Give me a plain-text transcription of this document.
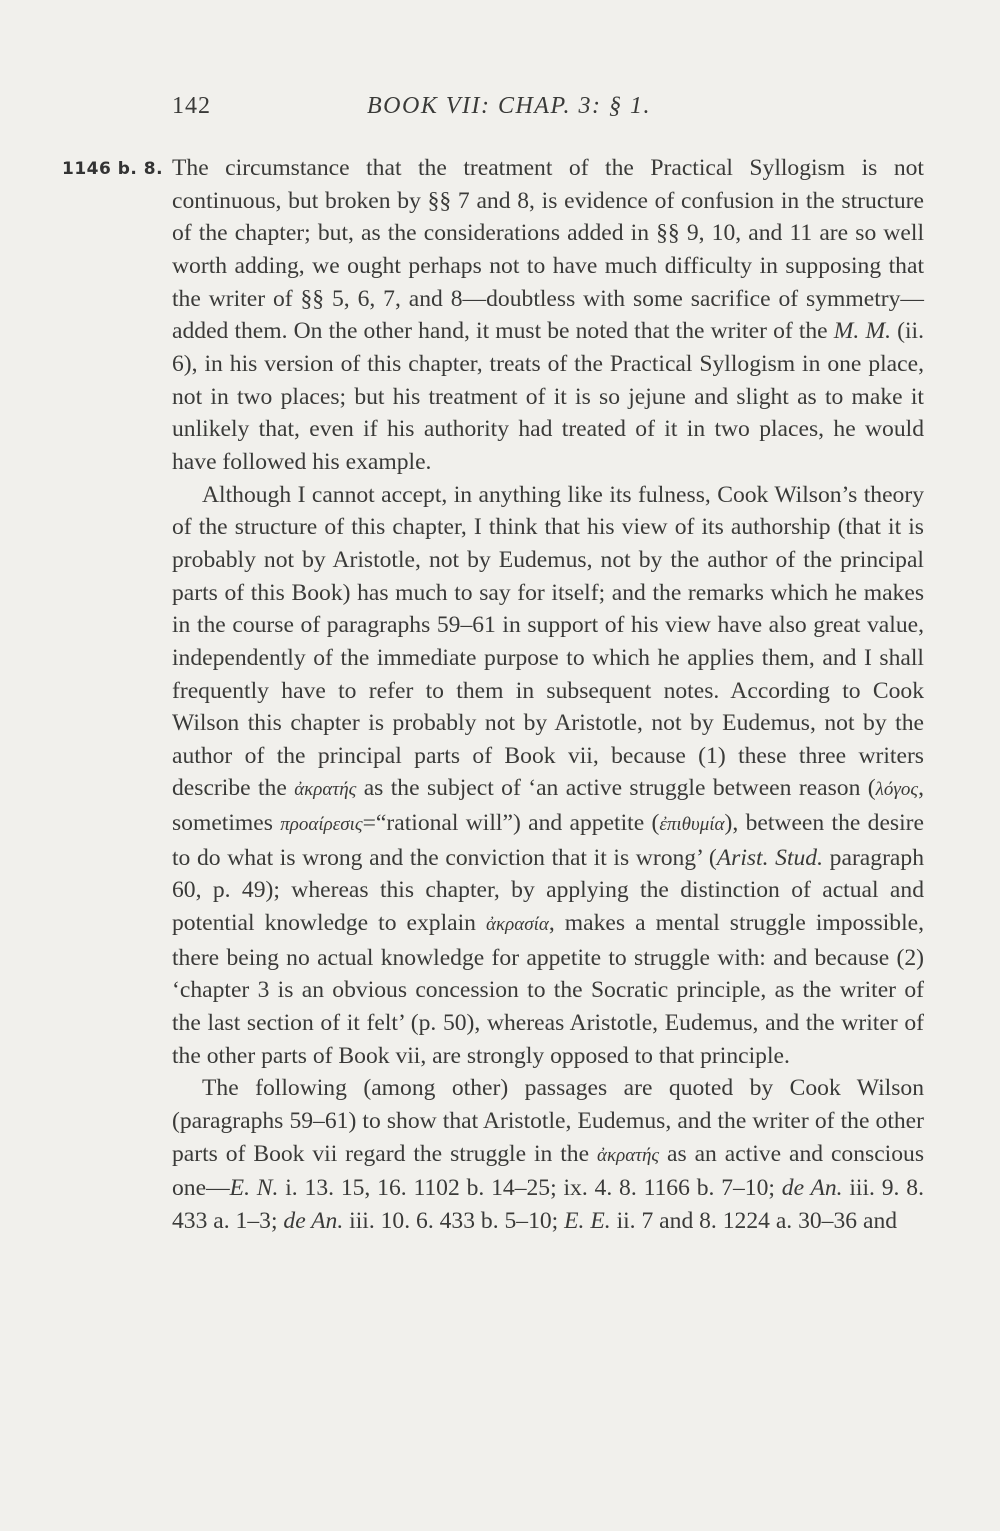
142	BOOK VII: CHAP. 3: § 1.
1146 b. 8. The circumstance that the treatment of the Practical Syllogism is not continuous, but broken by §§ 7 and 8, is evidence of confusion in the structure of the chapter; but, as the considerations added in §§ 9, 10, and 11 are so well worth adding, we ought perhaps not to have much difficulty in supposing that the writer of §§ 5, 6, 7, and 8—doubtless with some sacrifice of symmetry—added them. On the other hand, it must be noted that the writer of the M. M. (ii. 6), in his version of this chapter, treats of the Practical Syllogism in one place, not in two places; but his treatment of it is so jejune and slight as to make it unlikely that, even if his authority had treated of it in two places, he would have followed his example.

Although I cannot accept, in anything like its fulness, Cook Wilson’s theory of the structure of this chapter, I think that his view of its authorship (that it is probably not by Aristotle, not by Eudemus, not by the author of the principal parts of this Book) has much to say for itself; and the remarks which he makes in the course of paragraphs 59–61 in support of his view have also great value, independently of the immediate purpose to which he applies them, and I shall frequently have to refer to them in subsequent notes. According to Cook Wilson this chapter is probably not by Aristotle, not by Eudemus, not by the author of the principal parts of Book vii, because (1) these three writers describe the ἀκρατής as the subject of ‘an active struggle between reason (λόγος, sometimes προαίρεσις=“rational will”) and appetite (ἐπιθυμία), between the desire to do what is wrong and the conviction that it is wrong’ (Arist. Stud. paragraph 60, p. 49); whereas this chapter, by applying the distinction of actual and potential knowledge to explain ἀκρασία, makes a mental struggle impossible, there being no actual knowledge for appetite to struggle with: and because (2) ‘chapter 3 is an obvious concession to the Socratic principle, as the writer of the last section of it felt’ (p. 50), whereas Aristotle, Eudemus, and the writer of the other parts of Book vii, are strongly opposed to that principle.

The following (among other) passages are quoted by Cook Wilson (paragraphs 59–61) to show that Aristotle, Eudemus, and the writer of the other parts of Book vii regard the struggle in the ἀκρατής as an active and conscious one—E. N. i. 13. 15, 16. 1102 b. 14–25; ix. 4. 8. 1166 b. 7–10; de An. iii. 9. 8. 433 a. 1–3; de An. iii. 10. 6. 433 b. 5–10; E. E. ii. 7 and 8. 1224 a. 30–36 and
